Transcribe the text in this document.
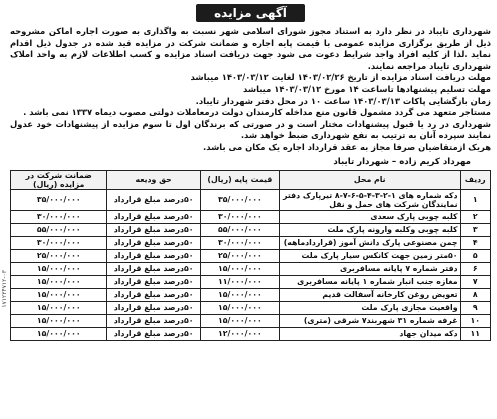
۱۷۱۲۳۴۷۱۲-۰۳
آگهی مزایده

شهرداری تایباد در نظر دارد به استناد مجوز شورای اسلامی شهر نسبت به واگذاری به صورت اجاره اماکن مشروحه ذیل از طریق برگزاری مزایده عمومی با قیمت پایه اجاره و ضمانت شرکت در مزایده قید شده در جدول ذیل اقدام نماید .لذا از کلیه افراد واجد شرایط دعوت می شود جهت دریافت اسناد مزایده و کسب اطلاعات لازم به واحد املاک شهرداری تایباد مراجعه نمایند.

مهلت دریافت اسناد مزایده از تاریخ ۱۴۰۳/۰۲/۲۶ لغایت ۱۴۰۳/۰۳/۱۲ میباشد

مهلت تسلیم پیشنهادها تاساعت ۱۴ مورخ ۱۴۰۳/۰۳/۱۲ میباشد

زمان بازگشایی پاکات ۱۴۰۳/۰۳/۱۳ ساعت ۱۰ در محل دفتر شهردار تایباد.

مستاجر متعهد می گردد مشمول قانون منع مداخله کارمندان دولت درمعاملات دولتی مصوب دیماه ۱۳۳۷ نمی باشد .

شهرداری در رد یا قبول پیشنهادات مختار است و در صورتی که برندگان اول تا سوم مزایده از پیشنهادات خود عدول نمایند سپرده آنان به ترتیب به نفع شهرداری ضبط خواهد شد.

هریک ازمتقاضیان صرفا مجاز به عقد قرارداد اجاره یک مکان می باشد.

مهرداد کریم زاده – شهردار تایباد
ردیف	نام محل	قیمت پایه (ریال)	حق ودیعه	ضمانت شرکت در مزایده (ریال)
۱	دکه شماره های ۱-۲-۳-۴-۵-۶-۷-۸ تیرپارک دفتر نمایندگان شرکت های حمل و نقل	۳۵/۰۰۰/۰۰۰	۵۰درصد مبلغ قرارداد	۳۵/۰۰۰/۰۰۰
۲	کلبه چوبی پارک سعدی	۳۰/۰۰۰/۰۰۰	۵۰درصد مبلغ قرارداد	۳۰/۰۰۰/۰۰۰
۳	کلبه چوبی وکلبه وارونه پارک ملت	۵۵/۰۰۰/۰۰۰	۵۰درصد مبلغ قرارداد	۵۵/۰۰۰/۰۰۰
۴	چمن مصنوعی پارک دانش آموز (قراردادماهه)	۳۰/۰۰۰/۰۰۰	۵۰درصد مبلغ قرارداد	۳۰/۰۰۰/۰۰۰
۵	۵۰متر زمین جهت کانکس سیار پارک ملت	۲۵/۰۰۰/۰۰۰	۵۰درصد مبلغ قرارداد	۲۵/۰۰۰/۰۰۰
۶	دفتر شماره ۷ پایانه مسافربری	۱۵/۰۰۰/۰۰۰	۵۰درصد مبلغ قرارداد	۱۵/۰۰۰/۰۰۰
۷	مغازه جنب انبار شماره ۱ پایانه مسافربری	۱۱/۰۰۰/۰۰۰	۵۰درصد مبلغ قرارداد	۱۵/۰۰۰/۰۰۰
۸	تعویض روغن کارخانه آسفالت قدیم	۱۵/۰۰۰/۰۰۰	۵۰درصد مبلغ قرارداد	۱۵/۰۰۰/۰۰۰
۹	واقعیت مجازی پارک ملت	۱۵/۰۰۰/۰۰۰	۵۰درصد مبلغ قرارداد	۱۵/۰۰۰/۰۰۰
۱۰	غرفه شماره ۳۱ شهربند۷ شرقی (متری)	۱۵/۰۰۰/۰۰۰	۵۰درصد مبلغ قرارداد	۱۵/۰۰۰/۰۰۰
۱۱	دکه میدان جهاد	۱۲/۰۰۰/۰۰۰	۵۰درصد مبلغ قرارداد	۱۵/۰۰۰/۰۰۰
